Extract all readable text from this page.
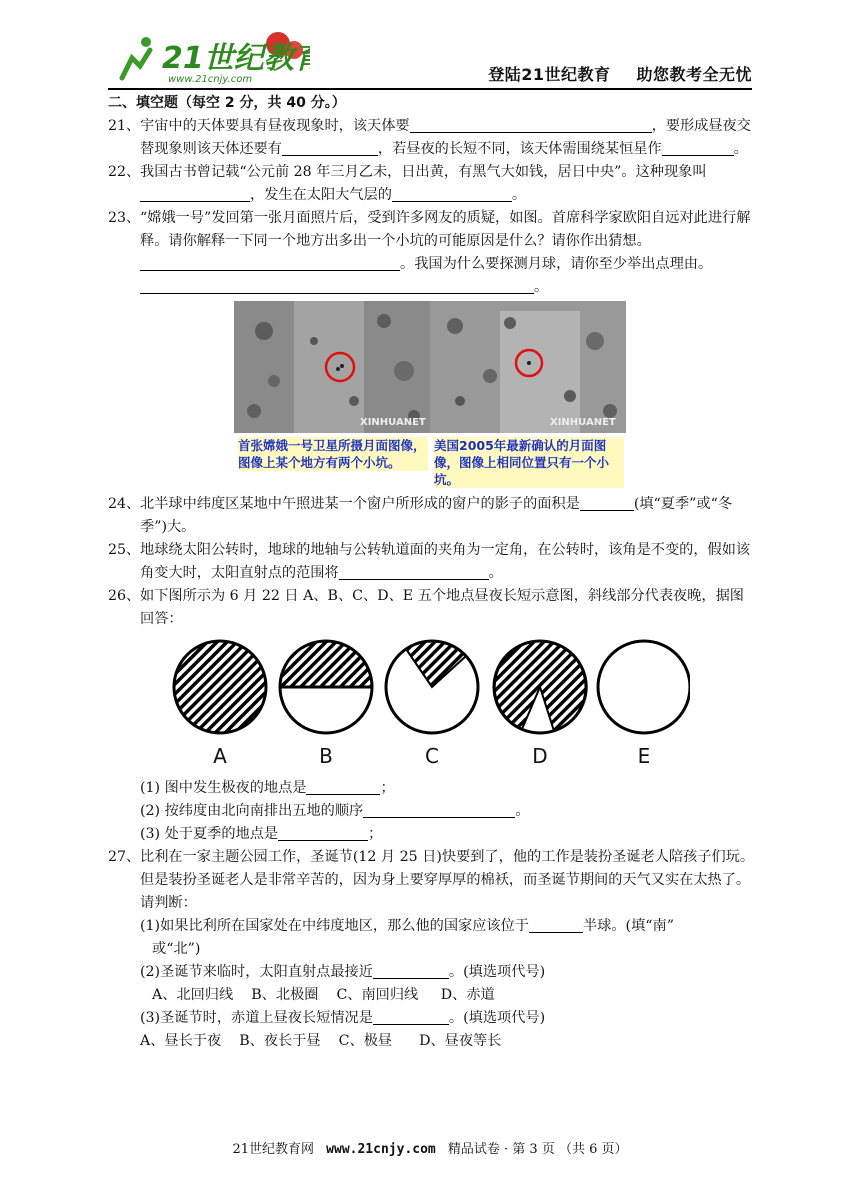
21世纪教育
www.21cnjy.com	登陆21世纪教育 助您教考全无忧
二、填空题（每空 2 分，共 40 分。）
21、 宇宙中的天体要具有昼夜现象时，该天体要	，要形成昼夜交替现象则该天体还要有	，若昼夜的长短不同，该天体需围绕某恒星作	。
22、 我国古书曾记载“公元前 28 年三月乙未，日出黄，有黑气大如钱，居日中央”。这种现象叫，发生在太阳大气层的	。
23、 “嫦娥一号”发回第一张月面照片后，受到许多网友的质疑，如图。首席科学家欧阳自远对此进行解释。请你解释一下同一个地方出多出一个小坑的可能原因是什么？请你作出猜想。。我国为什么要探测月球，请你至少举出点理由。。
XINHUANET	XINHUANET
首张嫦娥一号卫星所摄月面图像，图像上某个地方有两个小坑。
美国2005年最新确认的月面图像，图像上相同位置只有一个小坑。
24、 北半球中纬度区某地中午照进某一个窗户所形成的窗户的影子的面积是	(填“夏季”或“冬季”)大。
25、 地球绕太阳公转时，地球的地轴与公转轨道面的夹角为一定角，在公转时，该角是不变的，假如该角变大时，太阳直射点的范围将	。
26、 如下图所示为 6 月 22 日 A、B、C、D、E 五个地点昼夜长短示意图，斜线部分代表夜晚，据图回答：
A	B	C	D	E
(1) 图中发生极夜的地点是	；
(2) 按纬度由北向南排出五地的顺序	。
(3) 处于夏季的地点是	；
27、 比利在一家主题公园工作，圣诞节(12 月 25 日)快要到了，他的工作是装扮圣诞老人陪孩子们玩。但是装扮圣诞老人是非常辛苦的，因为身上要穿厚厚的棉袄，而圣诞节期间的天气又实在太热了。请判断：
(1)如果比利所在国家处在中纬度地区，那么他的国家应该位于	半球。(填“南”
或“北”)
(2)圣诞节来临时，太阳直射点最接近	。(填选项代号)
A、北回归线    B、北极圈    C、南回归线     D、赤道
(3)圣诞节时，赤道上昼夜长短情况是	。(填选项代号)
A、昼长于夜    B、夜长于昼    C、极昼      D、昼夜等长
21世纪教育网 www.21cnjy.com 精品试卷 · 第 3 页 （共 6 页）
